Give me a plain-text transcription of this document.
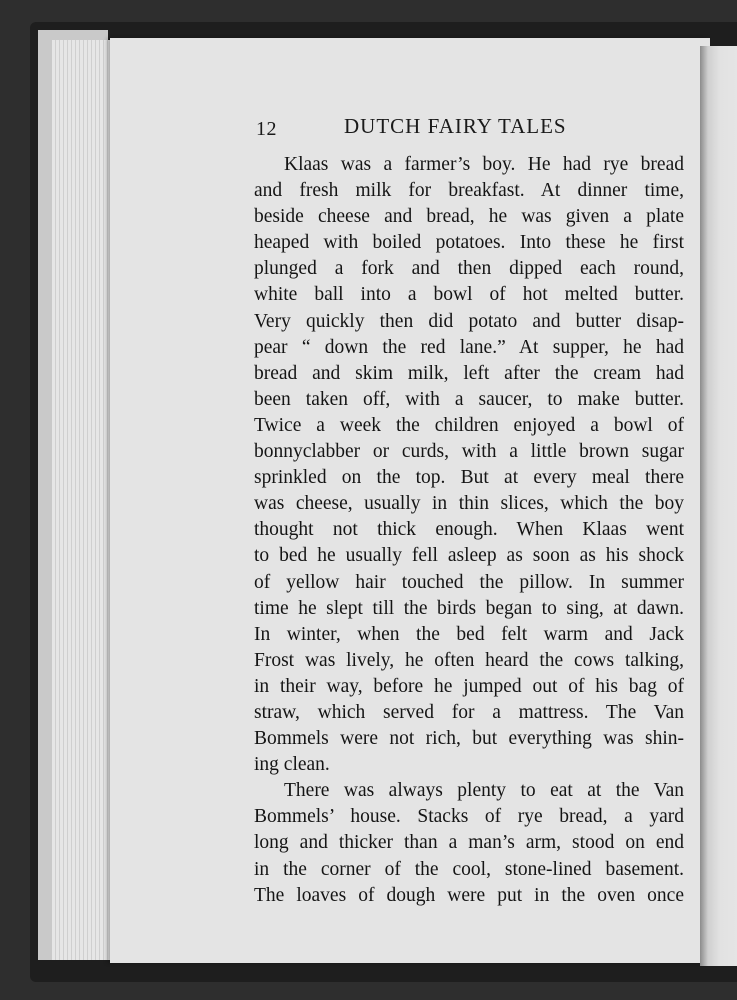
12	DUTCH FAIRY TALES
Klaas was a farmer’s boy. He had rye bread
and fresh milk for breakfast. At dinner time,
beside cheese and bread, he was given a plate
heaped with boiled potatoes. Into these he first
plunged a fork and then dipped each round,
white ball into a bowl of hot melted butter.
Very quickly then did potato and butter disap-
pear “ down the red lane.” At supper, he had
bread and skim milk, left after the cream had
been taken off, with a saucer, to make butter.
Twice a week the children enjoyed a bowl of
bonnyclabber or curds, with a little brown sugar
sprinkled on the top. But at every meal there
was cheese, usually in thin slices, which the boy
thought not thick enough. When Klaas went
to bed he usually fell asleep as soon as his shock
of yellow hair touched the pillow. In summer
time he slept till the birds began to sing, at dawn.
In winter, when the bed felt warm and Jack
Frost was lively, he often heard the cows talking,
in their way, before he jumped out of his bag of
straw, which served for a mattress. The Van
Bommels were not rich, but everything was shin-
ing clean.
There was always plenty to eat at the Van
Bommels’ house. Stacks of rye bread, a yard
long and thicker than a man’s arm, stood on end
in the corner of the cool, stone-lined basement.
The loaves of dough were put in the oven once
